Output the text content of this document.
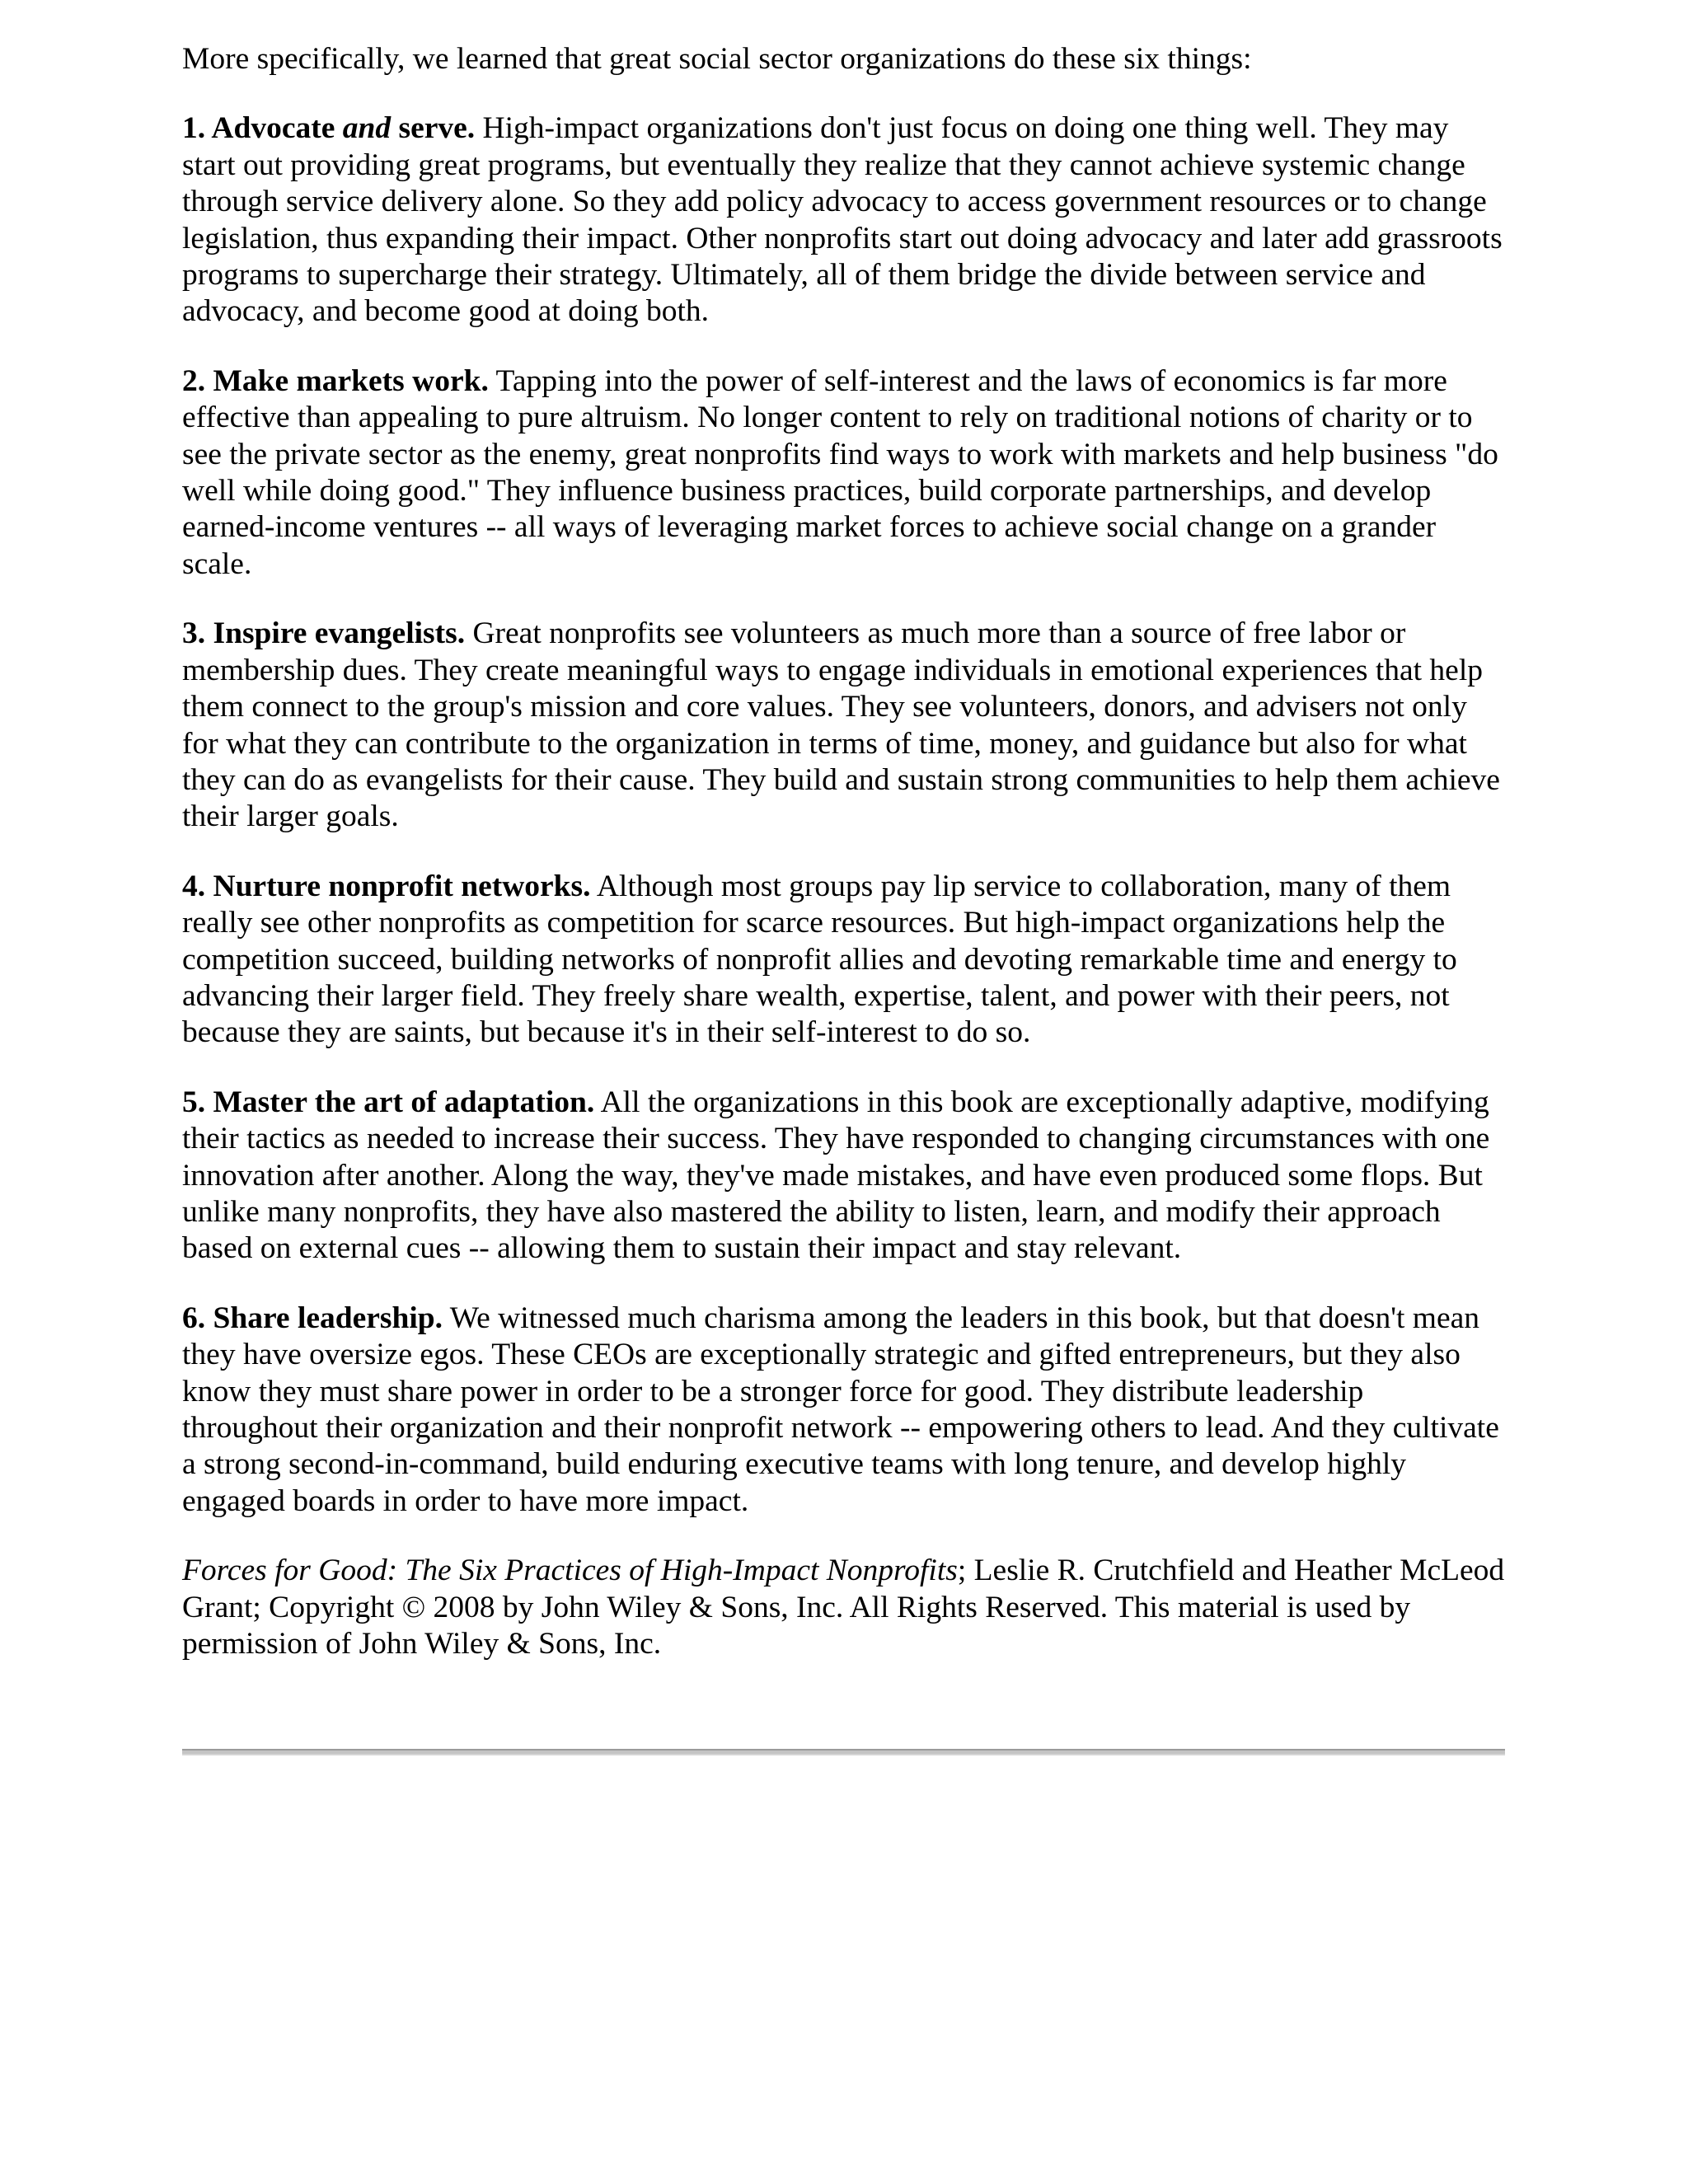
More specifically, we learned that great social sector organizations do these six things:

1. Advocate and serve. High-impact organizations don't just focus on doing one thing well. They may start out providing great programs, but eventually they realize that they cannot achieve systemic change through service delivery alone. So they add policy advocacy to access government resources or to change legislation, thus expanding their impact. Other nonprofits start out doing advocacy and later add grassroots programs to supercharge their strategy. Ultimately, all of them bridge the divide between service and advocacy, and become good at doing both.

2. Make markets work. Tapping into the power of self-interest and the laws of economics is far more effective than appealing to pure altruism. No longer content to rely on traditional notions of charity or to see the private sector as the enemy, great nonprofits find ways to work with markets and help business "do well while doing good." They influence business practices, build corporate partnerships, and develop earned-income ventures -- all ways of leveraging market forces to achieve social change on a grander scale.

3. Inspire evangelists. Great nonprofits see volunteers as much more than a source of free labor or membership dues. They create meaningful ways to engage individuals in emotional experiences that help them connect to the group's mission and core values. They see volunteers, donors, and advisers not only for what they can contribute to the organization in terms of time, money, and guidance but also for what they can do as evangelists for their cause. They build and sustain strong communities to help them achieve their larger goals.

4. Nurture nonprofit networks. Although most groups pay lip service to collaboration, many of them really see other nonprofits as competition for scarce resources. But high-impact organizations help the competition succeed, building networks of nonprofit allies and devoting remarkable time and energy to advancing their larger field. They freely share wealth, expertise, talent, and power with their peers, not because they are saints, but because it's in their self-interest to do so.

5. Master the art of adaptation. All the organizations in this book are exceptionally adaptive, modifying their tactics as needed to increase their success. They have responded to changing circumstances with one innovation after another. Along the way, they've made mistakes, and have even produced some flops. But unlike many nonprofits, they have also mastered the ability to listen, learn, and modify their approach based on external cues -- allowing them to sustain their impact and stay relevant.

6. Share leadership. We witnessed much charisma among the leaders in this book, but that doesn't mean they have oversize egos. These CEOs are exceptionally strategic and gifted entrepreneurs, but they also know they must share power in order to be a stronger force for good. They distribute leadership throughout their organization and their nonprofit network -- empowering others to lead. And they cultivate a strong second-in-command, build enduring executive teams with long tenure, and develop highly engaged boards in order to have more impact.

Forces for Good: The Six Practices of High-Impact Nonprofits; Leslie R. Crutchfield and Heather McLeod Grant; Copyright © 2008 by John Wiley & Sons, Inc. All Rights Reserved. This material is used by permission of John Wiley & Sons, Inc.
